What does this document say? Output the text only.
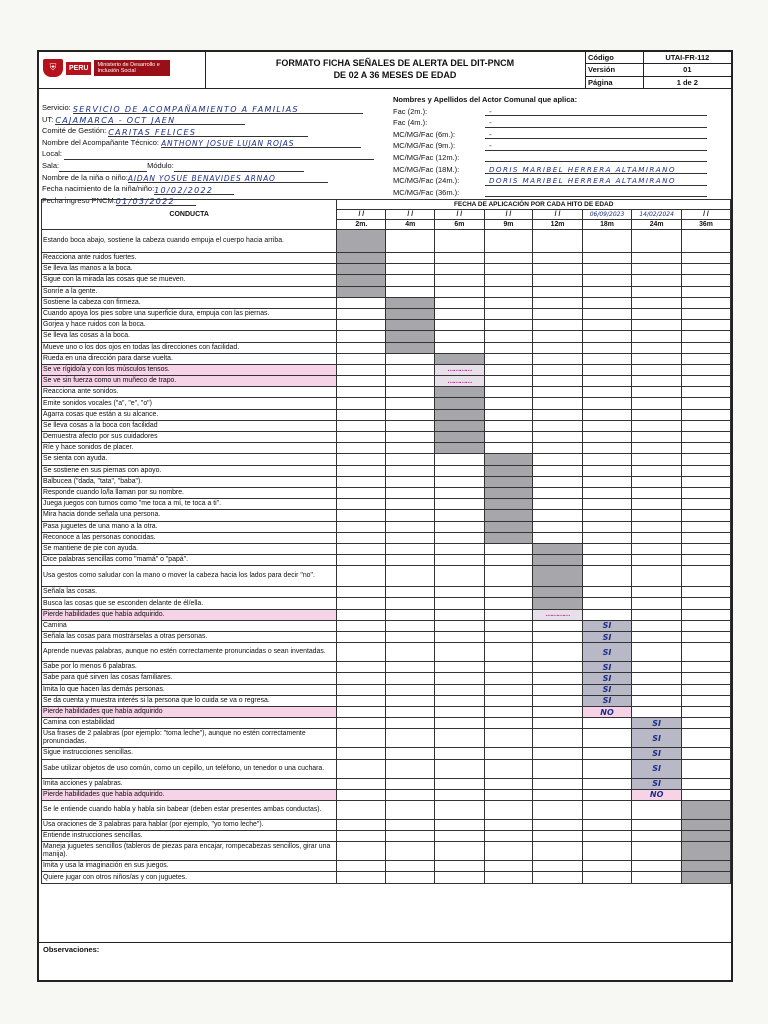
⛨	PERU	Ministerio de Desarrollo e Inclusión Social
FORMATO FICHA SEÑALES DE ALERTA DEL DIT-PNCM
DE 02 A 36 MESES DE EDAD
Código	UTAI-FR-112
Versión	01
Página	1 de 2
Servicio: SERVICIO DE ACOMPAÑAMIENTO A FAMILIAS
UT: CAJAMARCA - OCT JAEN
Comité de Gestión: CARITAS FELICES
Nombre del Acompañante Técnico: ANTHONY JOSUE LUJAN ROJAS
Local:
Sala:	Módulo:
Nombre de la niña o niño:AIDAN YOSUE BENAVIDES ARNAO
Fecha nacimiento de la niña/niño:10/02/2022
Fecha ingreso PNCM:01/03/2022
Nombres y Apellidos del Actor Comunal que aplica:
Fac (2m.):	-
Fac (4m.):	-
MC/MG/Fac (6m.):	-
MC/MG/Fac (9m.):	-
MC/MG/Fac (12m.):
MC/MG/Fac (18M.):	DORIS MARIBEL HERRERA ALTAMIRANO
MC/MG/Fac (24m.):	DORIS MARIBEL HERRERA ALTAMIRANO
MC/MG/Fac (36m.):
CONDUCTA	FECHA DE APLICACIÓN POR CADA HITO DE EDAD							
	/ /	/ /	/ /	/ /	/ /	06/09/2023	14/02/2024	/ /
	2m.	4m	6m	9m	12m	18m	24m	36m
Estando boca abajo, sostiene la cabeza cuando empuja el cuerpo hacia arriba.								
Reacciona ante ruidos fuertes.								
Se lleva las manos a la boca.								
Sigue con la mirada las cosas que se mueven.								
Sonríe a la gente.								
Sostiene la cabeza con firmeza.								
Cuando apoya los pies sobre una superficie dura, empuja con las piernas.								
Gorjea y hace ruidos con la boca.								
Se lleva las cosas a la boca.								
Mueve uno o los dos ojos en todas las direcciones con facilidad.								
Rueda en una dirección para darse vuelta.								
Se ve rígido/a y con los músculos tensos.			…………					
Se ve sin fuerza como un muñeco de trapo.			…………					
Reacciona ante sonidos.								
Emite sonidos vocales ("a", "e", "o")								
Agarra cosas que están a su alcance.								
Se lleva cosas a la boca con facilidad								
Demuestra afecto por sus cuidadores								
Ríe y hace sonidos de placer.								
Se sienta con ayuda.								
Se sostiene en sus piernas con apoyo.								
Balbucea ("dada, "tata", "baba").								
Responde cuando lo/la llaman por su nombre.								
Juega juegos con turnos como "me toca a mí, te toca a ti".								
Mira hacia donde señala una persona.								
Pasa juguetes de una mano a la otra.								
Reconoce a las personas conocidas.								
Se mantiene de pie con ayuda.								
Dice palabras sencillas como "mamá" o "papá".								
Usa gestos como saludar con la mano o mover la cabeza hacia los lados para decir "no".								
Señala las cosas.								
Busca las cosas que se esconden delante de él/ella.								
Pierde habilidades que había adquirido.					…………			
Camina						SI		
Señala las cosas para mostrárselas a otras personas.						SI		
Aprende nuevas palabras, aunque no estén correctamente pronunciadas o sean inventadas.						SI		
Sabe por lo menos 6 palabras.						SI		
Sabe para qué sirven las cosas familiares.						SI		
Imita lo que hacen las demás personas.						SI		
Se da cuenta y muestra interés si la persona que lo cuida se va o regresa.						SI		
Pierde habilidades que había adquirido						NO		
Camina con estabilidad							SI	
Usa frases de 2 palabras (por ejemplo: "toma leche"), aunque no estén correctamente pronunciadas.							SI	
Sigue instrucciones sencillas.							SI	
Sabe utilizar objetos de uso común, como un cepillo, un teléfono, un tenedor o una cuchara.							SI	
Imita acciones y palabras.							SI	
Pierde habilidades que había adquirido.							NO	
Se le entiende cuando habla y habla sin babear (deben estar presentes ambas conductas).								
Usa oraciones de 3 palabras para hablar (por ejemplo, "yo tomo leche").								
Entiende instrucciones sencillas.								
Maneja juguetes sencillos (tableros de piezas para encajar, rompecabezas sencillos, girar una manija).								
Imita y usa la imaginación en sus juegos.								
Quiere jugar con otros niños/as y con juguetes.								
Observaciones:
